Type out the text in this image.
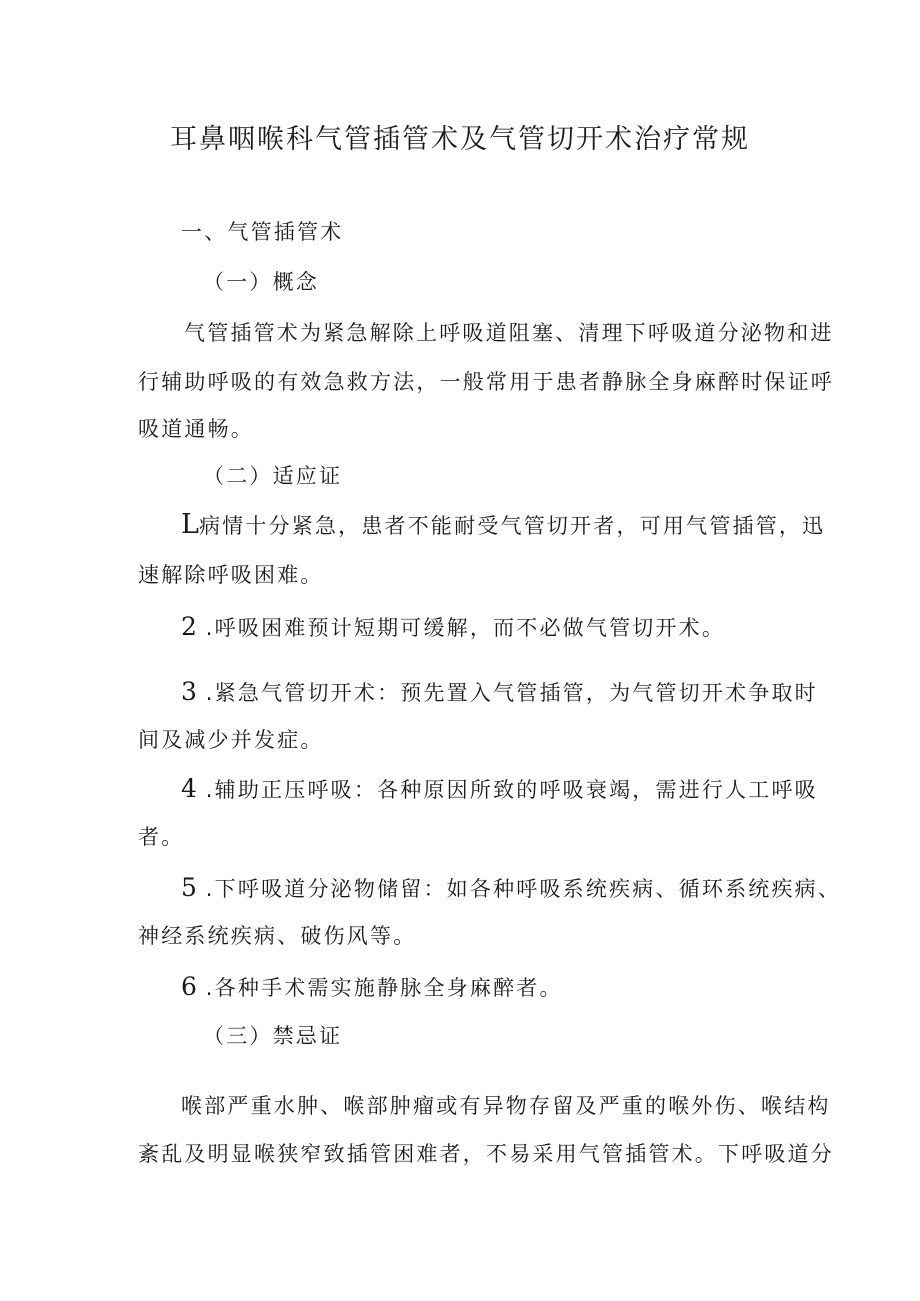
耳鼻咽喉科气管插管术及气管切开术治疗常规
一、气管插管术
（一）概念
气管插管术为紧急解除上呼吸道阻塞、清理下呼吸道分泌物和进
行辅助呼吸的有效急救方法，一般常用于患者静脉全身麻醉时保证呼
吸道通畅。
（二）适应证
L病情十分紧急，患者不能耐受气管切开者，可用气管插管，迅
速解除呼吸困难。
2 .呼吸困难预计短期可缓解，而不必做气管切开术。
3 .紧急气管切开术：预先置入气管插管，为气管切开术争取时
间及减少并发症。
4 .辅助正压呼吸：各种原因所致的呼吸衰竭，需进行人工呼吸
者。
5 .下呼吸道分泌物储留：如各种呼吸系统疾病、循环系统疾病、
神经系统疾病、破伤风等。
6 .各种手术需实施静脉全身麻醉者。
（三）禁忌证
喉部严重水肿、喉部肿瘤或有异物存留及严重的喉外伤、喉结构
紊乱及明显喉狭窄致插管困难者，不易采用气管插管术。下呼吸道分
